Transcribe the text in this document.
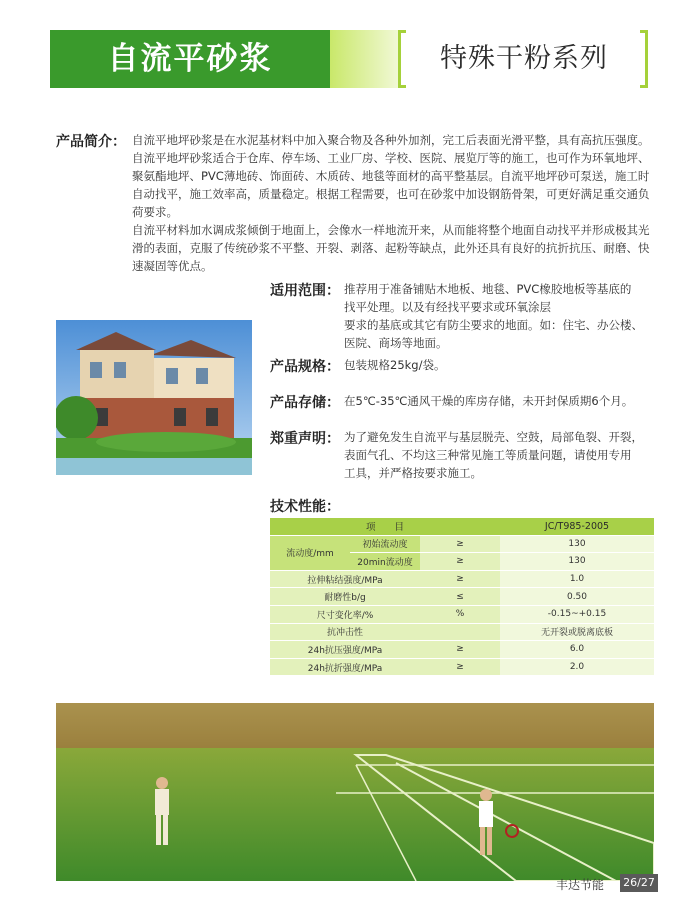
自流平砂浆	特殊干粉系列
产品简介： 自流平地坪砂浆是在水泥基材料中加入聚合物及各种外加剂，完工后表面光滑平整，具有高抗压强度。自流平地坪砂浆适合于仓库、停车场、工业厂房、学校、医院、展览厅等的施工，也可作为环氧地坪、聚氨酯地坪、PVC薄地砖、饰面砖、木质砖、地毯等面材的高平整基层。自流平地坪砂可泵送，施工时自动找平，施工效率高，质量稳定。根据工程需要，也可在砂浆中加设钢筋骨架，可更好满足重交通负荷要求。

自流平材料加水调成浆倾倒于地面上，会像水一样地流开来，从而能将整个地面自动找平并形成极其光滑的表面，克服了传统砂浆不平整、开裂、剥落、起粉等缺点，此外还具有良好的抗折抗压、耐磨、快速凝固等优点。

适用范围： 推荐用于准备铺贴木地板、地毯、PVC橡胶地板等基底的

找平处理。以及有经找平要求或环氧涂层

要求的基底或其它有防尘要求的地面。如：住宅、办公楼、

医院、商场等地面。

产品规格： 包装规格25kg/袋。

产品存储： 在5℃-35℃通风干燥的库房存储，未开封保质期6个月。

郑重声明： 为了避免发生自流平与基层脱壳、空鼓，局部龟裂、开裂，

表面气孔、不均这三种常见施工等质量问题，请使用专用

工具，并严格按要求施工。

技术性能：
项　　目			JC/T985-2005
流动度/mm	初始流动度	≥	130
	20min流动度	≥	130
拉伸粘结强度/MPa		≥	1.0
耐磨性b/g		≤	0.50
尺寸变化率/%		%	-0.15~+0.15
抗冲击性			无开裂或脱离底板
24h抗压强度/MPa		≥	6.0
24h抗折强度/MPa		≥	2.0
丰达节能 26/27
